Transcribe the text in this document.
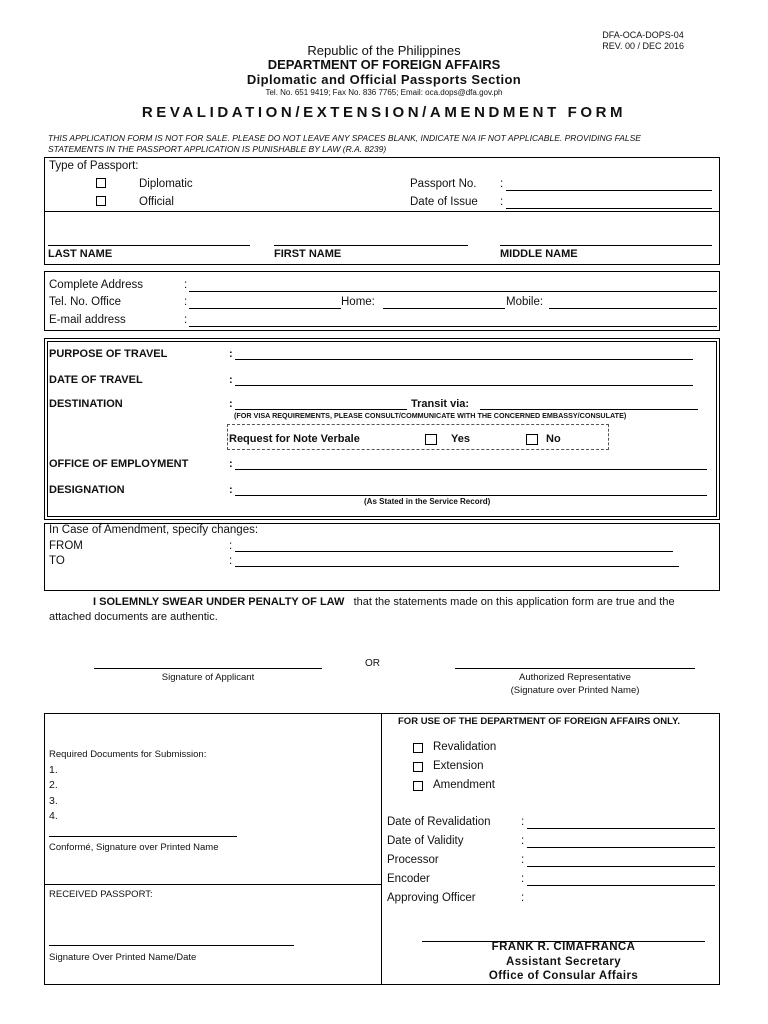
DFA-OCA-DOPS-04
REV. 00 / DEC 2016
Republic of the Philippines
DEPARTMENT OF FOREIGN AFFAIRS
Diplomatic and Official Passports Section
Tel. No. 651 9419; Fax No. 836 7765; Email: oca.dops@dfa.gov.ph
REVALIDATION/EXTENSION/AMENDMENT FORM
THIS APPLICATION FORM IS NOT FOR SALE. PLEASE DO NOT LEAVE ANY SPACES BLANK, INDICATE N/A IF NOT APPLICABLE. PROVIDING FALSE
STATEMENTS IN THE PASSPORT APPLICATION IS PUNISHABLE BY LAW (R.A. 8239)
Type of Passport:
Diplomatic
Official
Passport No. :
Date of Issue :
LAST NAME	FIRST NAME	MIDDLE NAME
Complete Address	:
Tel. No. Office	:	Home:	Mobile:
E-mail address	:
PURPOSE OF TRAVEL	:
DATE OF TRAVEL	:
DESTINATION	:	Transit via:
(FOR VISA REQUIREMENTS, PLEASE CONSULT/COMMUNICATE WITH THE CONCERNED EMBASSY/CONSULATE)
Request for Note Verbale	Yes	No
OFFICE OF EMPLOYMENT	:
DESIGNATION	:
(As Stated in the Service Record)
In Case of Amendment, specify changes:
FROM	:
TO	:
I SOLEMNLY SWEAR UNDER PENALTY OF LAW that the statements made on this application form are true and the
attached documents are authentic.
Signature of Applicant
OR
Authorized Representative
(Signature over Printed Name)
Required Documents for Submission:
1.
2.
3.
4.
Conformé, Signature over Printed Name
RECEIVED PASSPORT:
Signature Over Printed Name/Date
FOR USE OF THE DEPARTMENT OF FOREIGN AFFAIRS ONLY.
Revalidation
Extension
Amendment
Date of Revalidation	:
Date of Validity	:
Processor	:
Encoder	:
Approving Officer	:
FRANK R. CIMAFRANCA
Assistant Secretary
Office of Consular Affairs
